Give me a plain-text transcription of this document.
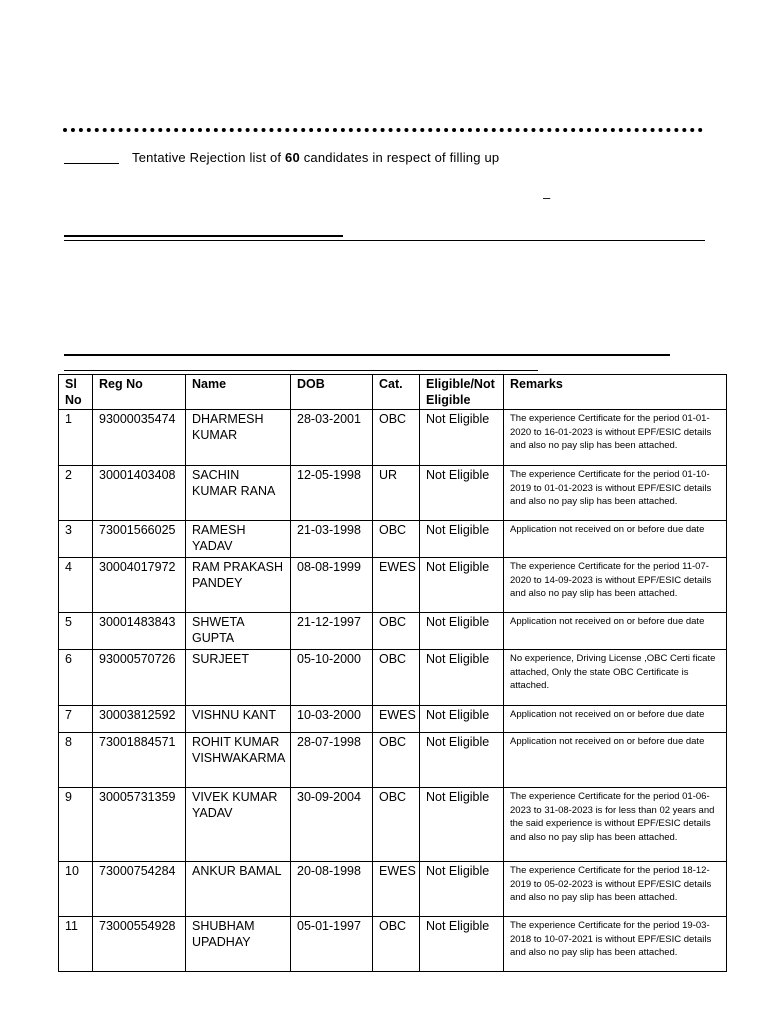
Tentative Rejection list of 60 candidates in respect of filling up
–
Sl No	Reg No	Name	DOB	Cat.	Eligible/Not Eligible	Remarks
1	93000035474	DHARMESH KUMAR	28-03-2001	OBC	Not Eligible	The experience Certificate for the period 01-01-2020 to 16-01-2023 is without EPF/ESIC details and also no pay slip has been attached.
2	30001403408	SACHIN KUMAR RANA	12-05-1998	UR	Not Eligible	The experience Certificate for the period 01-10-2019 to 01-01-2023 is without EPF/ESIC details and also no pay slip has been attached.
3	73001566025	RAMESH YADAV	21-03-1998	OBC	Not Eligible	Application not received on or before due date
4	30004017972	RAM PRAKASH PANDEY	08-08-1999	EWES	Not Eligible	The experience Certificate for the period 11-07-2020 to 14-09-2023 is without EPF/ESIC details and also no pay slip has been attached.
5	30001483843	SHWETA GUPTA	21-12-1997	OBC	Not Eligible	Application not received on or before due date
6	93000570726	SURJEET	05-10-2000	OBC	Not Eligible	No experience, Driving License ,OBC Certi ficate attached, Only the state OBC Certificate is attached.
7	30003812592	VISHNU KANT	10-03-2000	EWES	Not Eligible	Application not received on or before due date
8	73001884571	ROHIT KUMAR VISHWAKARMA	28-07-1998	OBC	Not Eligible	Application not received on or before due date
9	30005731359	VIVEK KUMAR YADAV	30-09-2004	OBC	Not Eligible	The experience Certificate for the period 01-06-2023 to 31-08-2023 is for less than 02 years and the said experience is without EPF/ESIC details and also no pay slip has been attached.
10	73000754284	ANKUR BAMAL	20-08-1998	EWES	Not Eligible	The experience Certificate for the period 18-12-2019 to 05-02-2023 is without EPF/ESIC details and also no pay slip has been attached.
11	73000554928	SHUBHAM UPADHAY	05-01-1997	OBC	Not Eligible	The experience Certificate for the period 19-03-2018 to 10-07-2021 is without EPF/ESIC details and also no pay slip has been attached.
